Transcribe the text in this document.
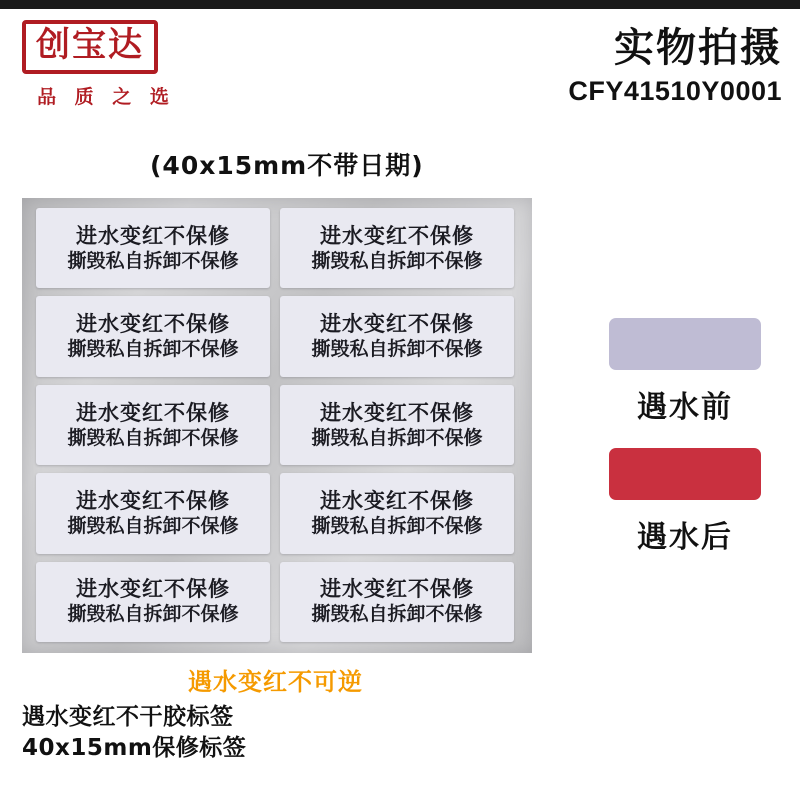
创宝达
品 质 之 选
实物拍摄
CFY41510Y0001
(40x15mm不带日期)
进水变红不保修
撕毁私自拆卸不保修
进水变红不保修
撕毁私自拆卸不保修
进水变红不保修
撕毁私自拆卸不保修
进水变红不保修
撕毁私自拆卸不保修
进水变红不保修
撕毁私自拆卸不保修
进水变红不保修
撕毁私自拆卸不保修
进水变红不保修
撕毁私自拆卸不保修
进水变红不保修
撕毁私自拆卸不保修
进水变红不保修
撕毁私自拆卸不保修
进水变红不保修
撕毁私自拆卸不保修
遇水变红不可逆
遇水变红不干胶标签
40x15mm保修标签
遇水前
遇水后
